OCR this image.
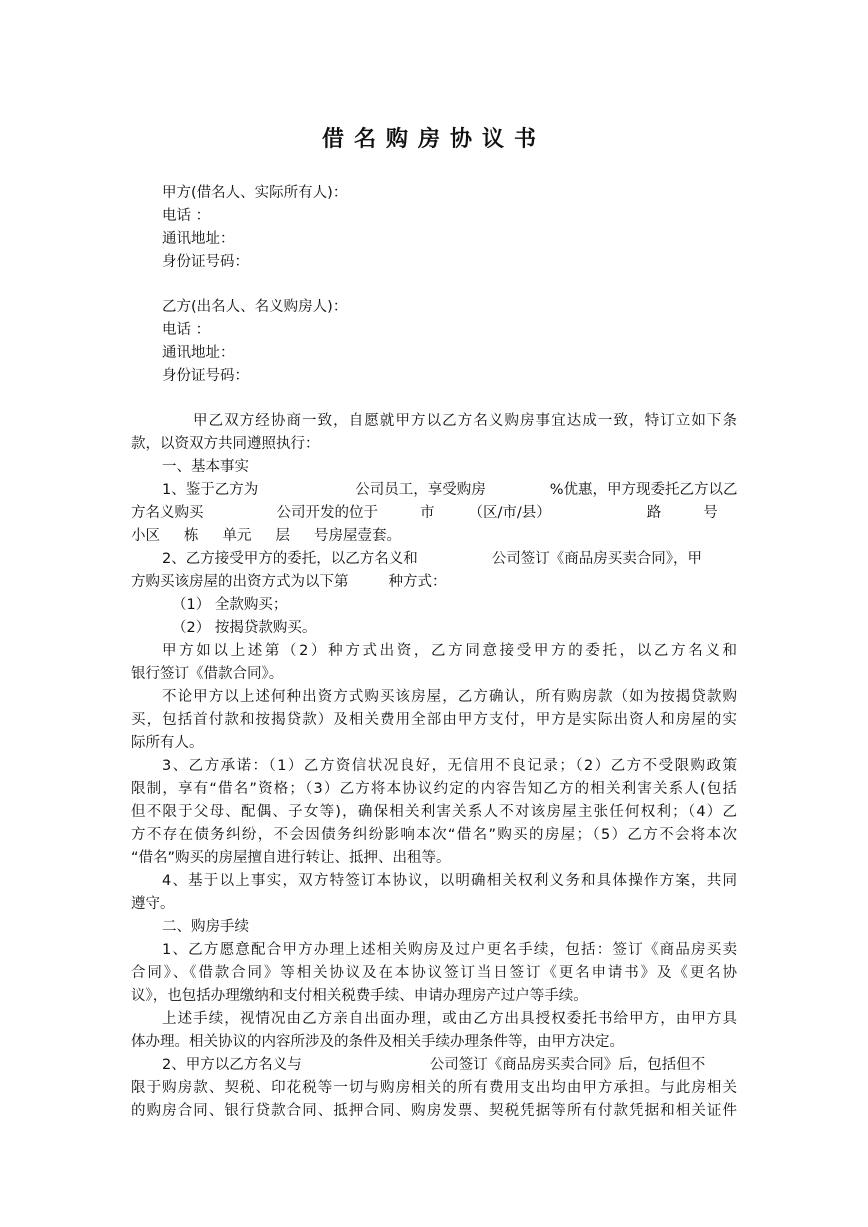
借名购房协议书
甲方(借名人、实际所有人)：
电话 ：
通讯地址：
身份证号码：
乙方(出名人、名义购房人)：
电话 ：
通讯地址：
身份证号码：
甲乙双方经协商一致，自愿就甲方以乙方名义购房事宜达成一致，特订立如下条
款，以资双方共同遵照执行：
一、基本事实
1、鉴于乙方为	公司员工，享受购房	%优惠，甲方现委托乙方以乙
方名义购买	公司开发的位于	市 （区/市/县）	路	号
小区 栋 单元 层 号房屋壹套。
2、乙方接受甲方的委托，以乙方名义和	公司签订《商品房买卖合同》，甲
方购买该房屋的出资方式为以下第	种方式：
（1） 全款购买；
（2） 按揭贷款购买。
甲方如以上述第（2）种方式出资，乙方同意接受甲方的委托，以乙方名义和
银行签订《借款合同》。
不论甲方以上述何种出资方式购买该房屋，乙方确认，所有购房款（如为按揭贷款购
买，包括首付款和按揭贷款）及相关费用全部由甲方支付，甲方是实际出资人和房屋的实
际所有人。
3、乙方承诺：（1）乙方资信状况良好，无信用不良记录；（2）乙方不受限购政策
限制，享有“借名”资格；（3）乙方将本协议约定的内容告知乙方的相关利害关系人(包括
但不限于父母、配偶、子女等)，确保相关利害关系人不对该房屋主张任何权利；（4）乙
方不存在债务纠纷，不会因债务纠纷影响本次“借名”购买的房屋；（5）乙方不会将本次
“借名”购买的房屋擅自进行转让、抵押、出租等。
4、基于以上事实，双方特签订本协议，以明确相关权利义务和具体操作方案，共同
遵守。
二、购房手续
1、乙方愿意配合甲方办理上述相关购房及过户更名手续，包括：签订《商品房买卖
合同》、《借款合同》等相关协议及在本协议签订当日签订《更名申请书》及《更名协
议》，也包括办理缴纳和支付相关税费手续、申请办理房产过户等手续。
上述手续，视情况由乙方亲自出面办理，或由乙方出具授权委托书给甲方，由甲方具
体办理。相关协议的内容所涉及的条件及相关手续办理条件等，由甲方决定。
2、甲方以乙方名义与	公司签订《商品房买卖合同》后，包括但不
限于购房款、契税、印花税等一切与购房相关的所有费用支出均由甲方承担。与此房相关
的购房合同、银行贷款合同、抵押合同、购房发票、契税凭据等所有付款凭据和相关证件
